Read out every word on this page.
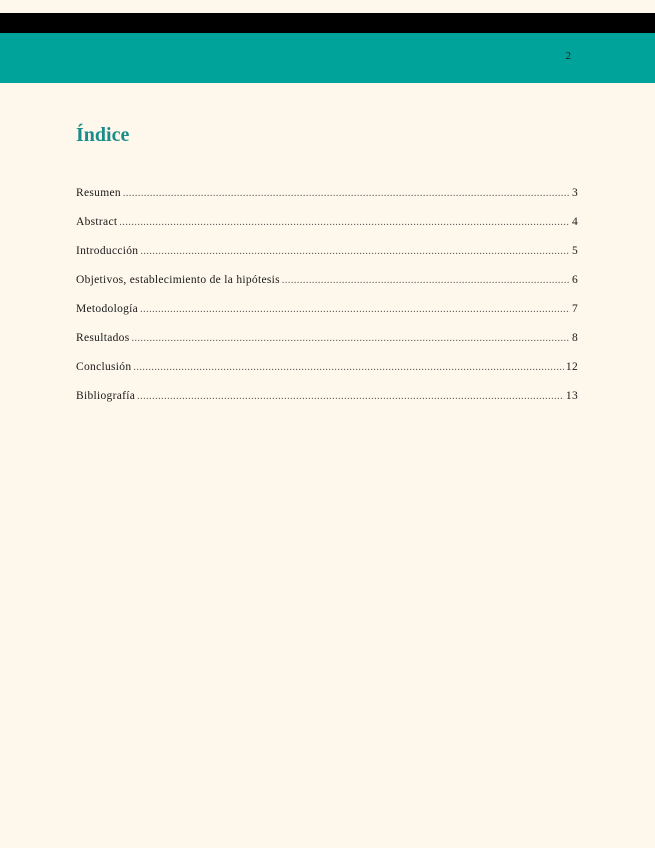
2
Índice
Resumen .....	3
Abstract .....	4
Introducción .....	5
Objetivos, establecimiento de la hipótesis .....	6
Metodología .....	7
Resultados .....	8
Conclusión .....	12
Bibliografía .....	13
